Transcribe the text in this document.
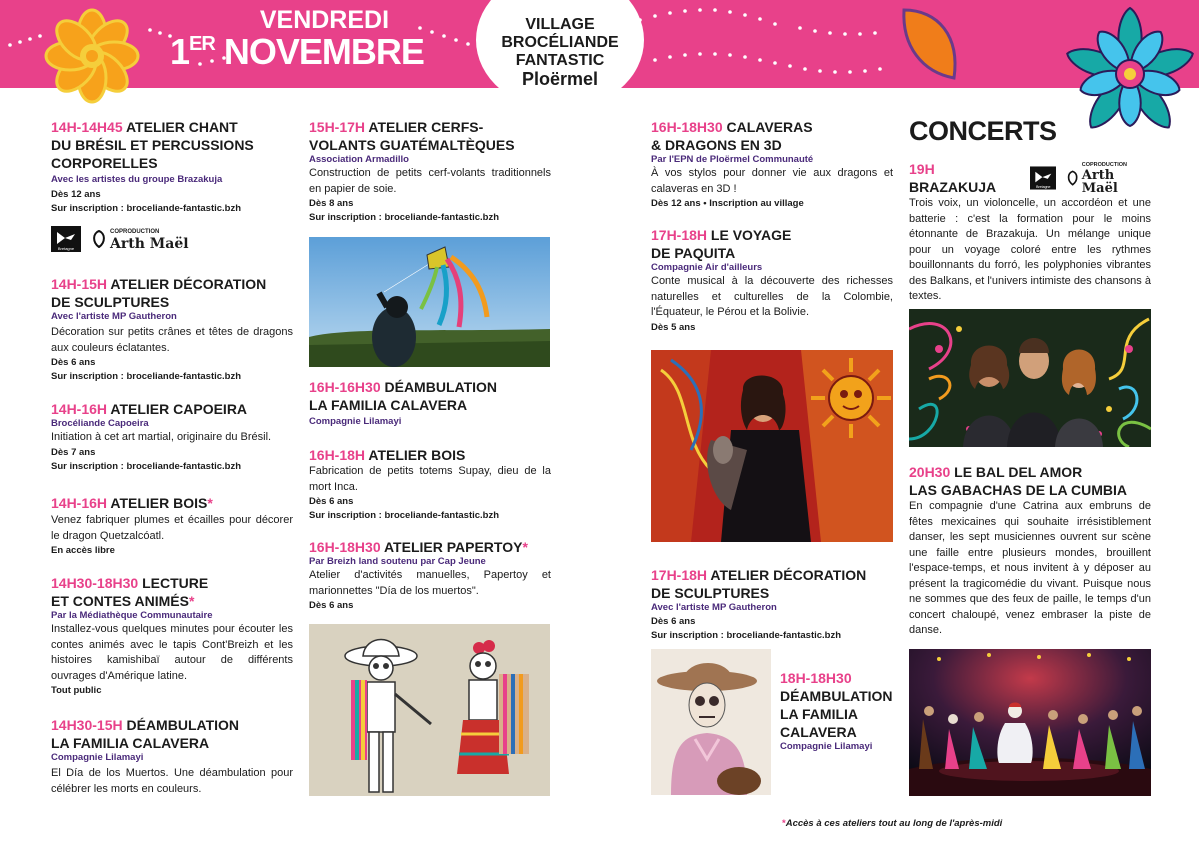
VENDREDI
1ER NOVEMBRE
VILLAGE
BROCÉLIANDE
FANTASTIC
Ploërmel

14H-14H45 ATELIER CHANT

DU BRÉSIL ET PERCUSSIONS

CORPORELLES

Avec les artistes du groupe Brazakuja

Dès 12 ans

Sur inscription : broceliande-fantastic.bzh

Bretagne
COPRODUCTION
Arth Maël

14H-15H ATELIER DÉCORATION

DE SCULPTURES

Avec l'artiste MP Gautheron

Décoration sur petits crânes et têtes de dragons aux couleurs éclatantes.

Dès 6 ans

Sur inscription : broceliande-fantastic.bzh

14H-16H ATELIER CAPOEIRA

Brocéliande Capoeira

Initiation à cet art martial, originaire du Brésil.

Dès 7 ans

Sur inscription : broceliande-fantastic.bzh

14H-16H ATELIER BOIS*

Venez fabriquer plumes et écailles pour décorer le dragon Quetzalcóatl.

En accès libre

14H30-18H30 LECTURE

ET CONTES ANIMÉS*

Par la Médiathèque Communautaire

Installez-vous quelques minutes pour écouter les contes animés avec le tapis Cont'Breizh et les histoires kamishibaï autour de différents ouvrages d'Amérique latine.

Tout public

14H30-15H DÉAMBULATION

LA FAMILIA CALAVERA

Compagnie Lilamayi

El Día de los Muertos. Une déambulation pour célébrer les morts en couleurs.

15H-17H ATELIER CERFS-

VOLANTS GUATÉMALTÈQUES

Association Armadillo

Construction de petits cerf-volants traditionnels en papier de soie.

Dès 8 ans

Sur inscription : broceliande-fantastic.bzh

16H-16H30 DÉAMBULATION

LA FAMILIA CALAVERA

Compagnie Lilamayi

16H-18H ATELIER BOIS

Fabrication de petits totems Supay, dieu de la mort Inca.

Dès 6 ans

Sur inscription : broceliande-fantastic.bzh

16H-18H30 ATELIER PAPERTOY*

Par Breizh land soutenu par Cap Jeune

Atelier d'activités manuelles, Papertoy et marionnettes "Día de los muertos".

Dès 6 ans

16H-18H30 CALAVERAS

& DRAGONS EN 3D

Par l'EPN de Ploërmel Communauté

À vos stylos pour donner vie aux dragons et calaveras en 3D !

Dès 12 ans • Inscription au village

17H-18H LE VOYAGE

DE PAQUITA

Compagnie Air d'ailleurs

Conte musical à la découverte des richesses naturelles et culturelles de la Colombie, l'Équateur, le Pérou et la Bolivie.

Dès 5 ans

17H-18H ATELIER DÉCORATION

DE SCULPTURES

Avec l'artiste MP Gautheron

Dès 6 ans

Sur inscription : broceliande-fantastic.bzh

18H-18H30

DÉAMBULATION

LA FAMILIA

CALAVERA

Compagnie Lilamayi

CONCERTS

19H BRAZAKUJA	Bretagne
COPRODUCTION
Arth Maël

Trois voix, un violoncelle, un accordéon et une batterie : c'est la formation pour le moins étonnante de Brazakuja. Un mélange unique pour un voyage coloré entre les rythmes bouillonnants du forró, les polyphonies vibrantes des Balkans, et l'univers intimiste des chansons à textes.

20H30 LE BAL DEL AMOR

LAS GABACHAS DE LA CUMBIA

En compagnie d'une Catrina aux embruns de fêtes mexicaines qui souhaite irrésistiblement danser, les sept musiciennes ouvrent sur scène une faille entre plusieurs mondes, brouillent l'espace-temps, et nous invitent à y déposer au présent la tragicomédie du vivant. Puisque nous ne sommes que des feux de paille, le temps d'un concert chaloupé, venez embraser la piste de danse.

*Accès à ces ateliers tout au long de l'après-midi
